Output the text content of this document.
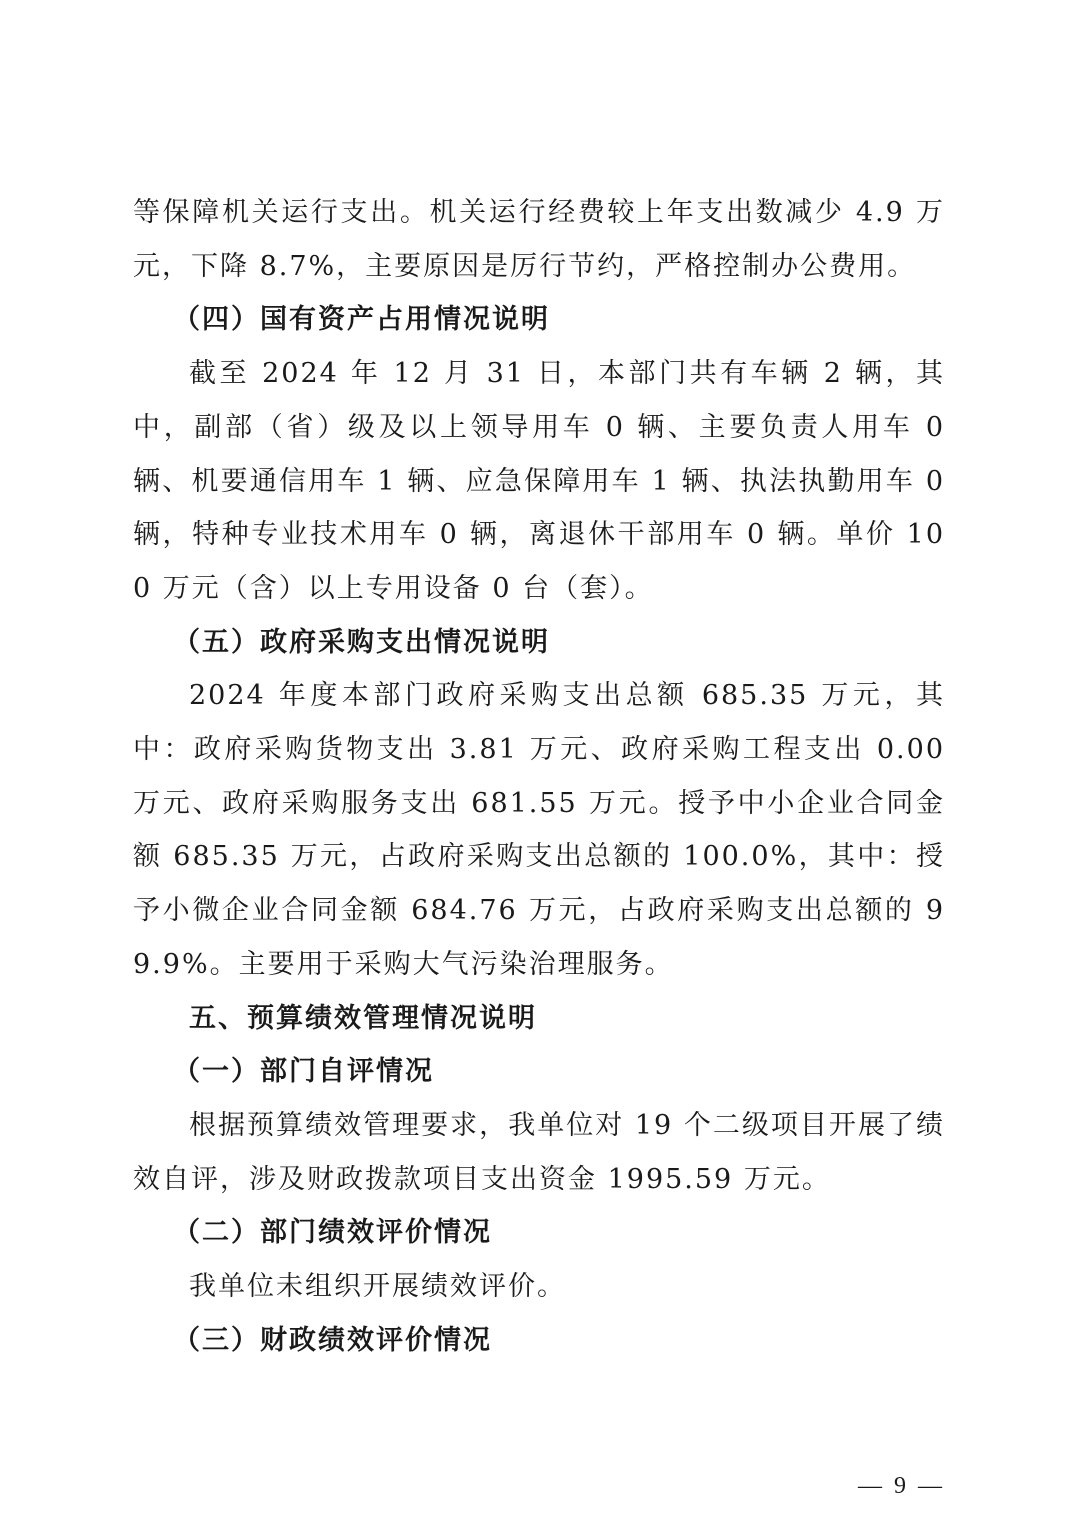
等保障机关运行支出。机关运行经费较上年支出数减少 4.9 万元，下降 8.7%，主要原因是厉行节约，严格控制办公费用。

（四）国有资产占用情况说明

截至 2024 年 12 月 31 日，本部门共有车辆 2 辆，其中，副部（省）级及以上领导用车 0 辆、主要负责人用车 0 辆、机要通信用车 1 辆、应急保障用车 1 辆、执法执勤用车 0 辆，特种专业技术用车 0 辆，离退休干部用车 0 辆。单价 100 万元（含）以上专用设备 0 台（套）。

（五）政府采购支出情况说明

2024 年度本部门政府采购支出总额 685.35 万元，其中：政府采购货物支出 3.81 万元、政府采购工程支出 0.00 万元、政府采购服务支出 681.55 万元。授予中小企业合同金额 685.35 万元，占政府采购支出总额的 100.0%，其中：授予小微企业合同金额 684.76 万元，占政府采购支出总额的 99.9%。主要用于采购大气污染治理服务。

五、预算绩效管理情况说明

（一）部门自评情况

根据预算绩效管理要求，我单位对 19 个二级项目开展了绩效自评，涉及财政拨款项目支出资金 1995.59 万元。

（二）部门绩效评价情况

我单位未组织开展绩效评价。

（三）财政绩效评价情况

— 9 —
